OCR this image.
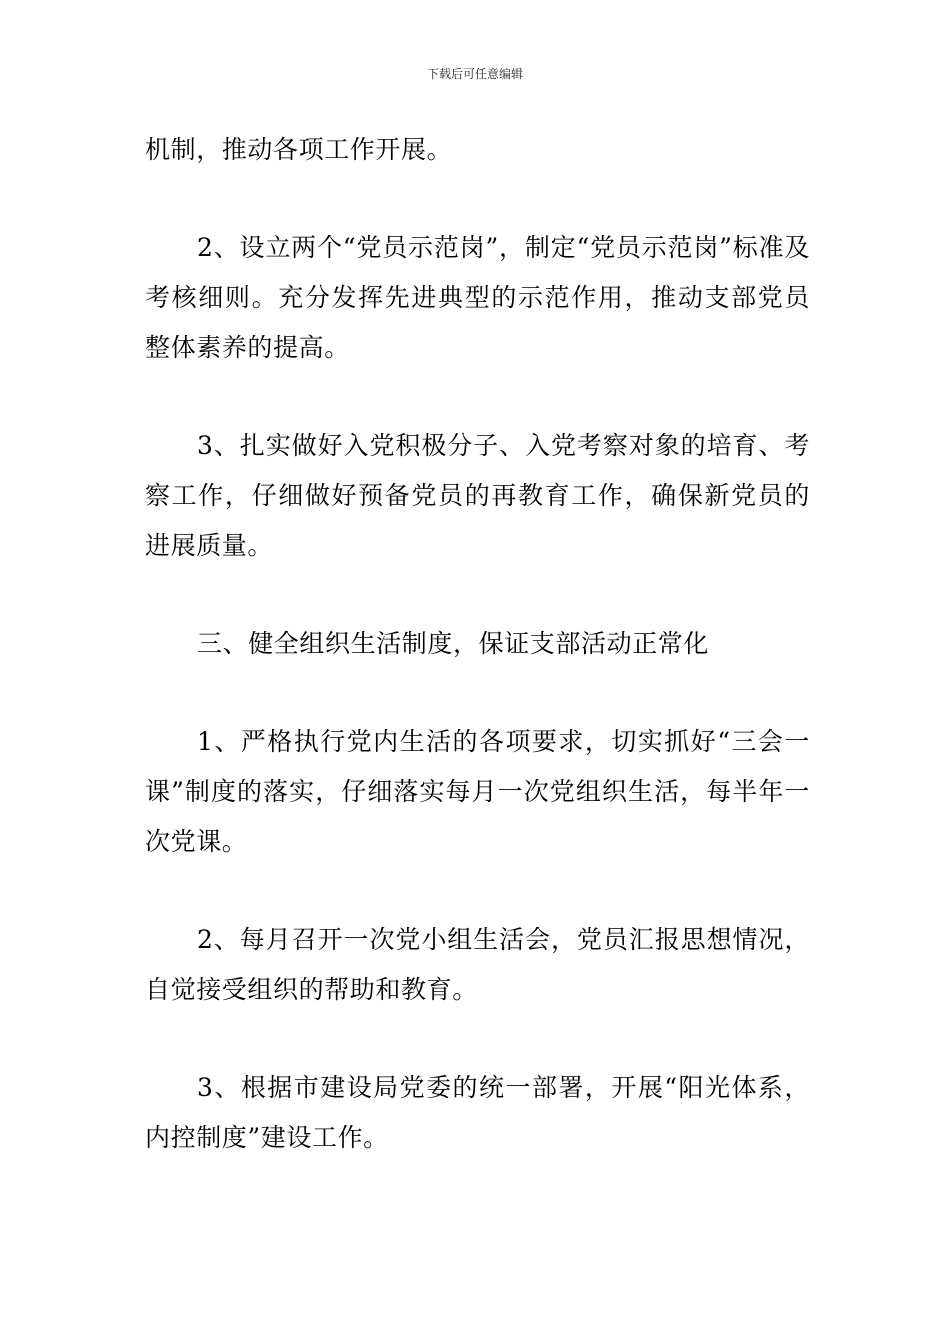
下载后可任意编辑

机制，推动各项工作开展。

2、设立两个“党员示范岗”，制定“党员示范岗”标准及考核细则。充分发挥先进典型的示范作用，推动支部党员整体素养的提高。

3、扎实做好入党积极分子、入党考察对象的培育、考察工作，仔细做好预备党员的再教育工作，确保新党员的进展质量。

三、健全组织生活制度，保证支部活动正常化

1、严格执行党内生活的各项要求，切实抓好“三会一课”制度的落实，仔细落实每月一次党组织生活，每半年一次党课。

2、每月召开一次党小组生活会，党员汇报思想情况，自觉接受组织的帮助和教育。

3、根据市建设局党委的统一部署，开展“阳光体系，内控制度”建设工作。
